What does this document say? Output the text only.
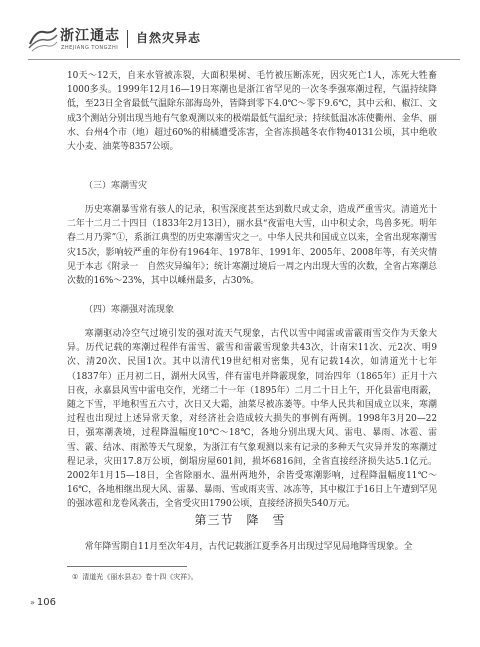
浙江通志
ZHEJIANG TONGZHI
自然灾异志

10天～12天，自来水管被冻裂，大面积果树、毛竹被压断冻死，因灾死亡1人，冻死大牲畜1000多头。1999年12月16—19日寒潮也是浙江省罕见的一次冬季强寒潮过程，气温持续降低，至23日全省最低气温除东部海岛外，皆降到零下4.0℃～零下9.6℃，其中云和、椒江、文成3个测站分别出现当地有气象观测以来的极端最低气温纪录；持续低温冰冻使衢州、金华、丽水、台州4个市（地）超过60%的柑橘遭受冻害，全省冻损越冬农作物40131公顷，其中绝收大小麦、油菜等8357公顷。

（三）寒潮雪灾

历史寒潮暴雪常有骇人的记录，积雪深度甚至达到数尺或丈余，造成严重雪灾。清道光十二年十二月二十四日（1833年2月13日），丽水县“夜雷电大雪，山中积丈余，鸟兽多死。明年春二月乃霁”①，系浙江典型的历史寒潮雪灾之一。中华人民共和国成立以来，全省出现寒潮雪灾15次，影响较严重的年份有1964年、1978年、1991年、2005年、2008年等，有关灾情见于本志《附录一　自然灾异编年》；统计寒潮过境后一周之内出现大雪的次数，全省占寒潮总次数的16%～23%，其中以嵊州最多，占30%。

（四）寒潮强对流现象

寒潮驱动冷空气过境引发的强对流天气现象，古代以雪中闻雷或雷霰雨雪交作为天象大异。历代记载的寒潮过程伴有雷雪、霰雪和雷霰雪现象共43次，计南宋11次、元2次、明9次、清20次、民国1次。其中以清代19世纪相对密集，见有记载14次，如清道光十七年（1837年）正月初二日，湖州大风雪，伴有雷电并降霰现象，同治四年（1865年）正月十六日夜，永嘉县风雪中雷电交作，光绪二十一年（1895年）二月二十日上午，开化县雷电雨霰，随之下雪，平地积雪五六寸，次日又大霜，油菜尽被冻萎等。中华人民共和国成立以来，寒潮过程也出现过上述异常天象，对经济社会造成较大损失的事例有两例。1998年3月20—22日，强寒潮袭境，过程降温幅度10℃～18℃，各地分别出现大风、雷电、暴雨、冰雹、雷雪、霰、结冰、雨淞等天气现象，为浙江有气象观测以来有记录的多种天气灾异并发的寒潮过程记录，灾田17.8万公顷，倒塌房屋601间，损坏6816间，全省直接经济损失达5.1亿元。2002年1月15—18日，全省除丽水、温州两地外，余皆受寒潮影响，过程降温幅度11℃～16℃，各地相继出现大风、雷暴、暴雨、雪或雨夹雪、冰冻等，其中椒江于16日上午遭到罕见的强冰雹和龙卷风袭击，全省受灾田1790公顷，直接经济损失540万元。

第三节　降　雪

常年降雪期自11月至次年4月，古代记载浙江夏季各月出现过罕见局地降雪现象。全

① 清道光《丽水县志》卷十四《灾祥》。
» 106
